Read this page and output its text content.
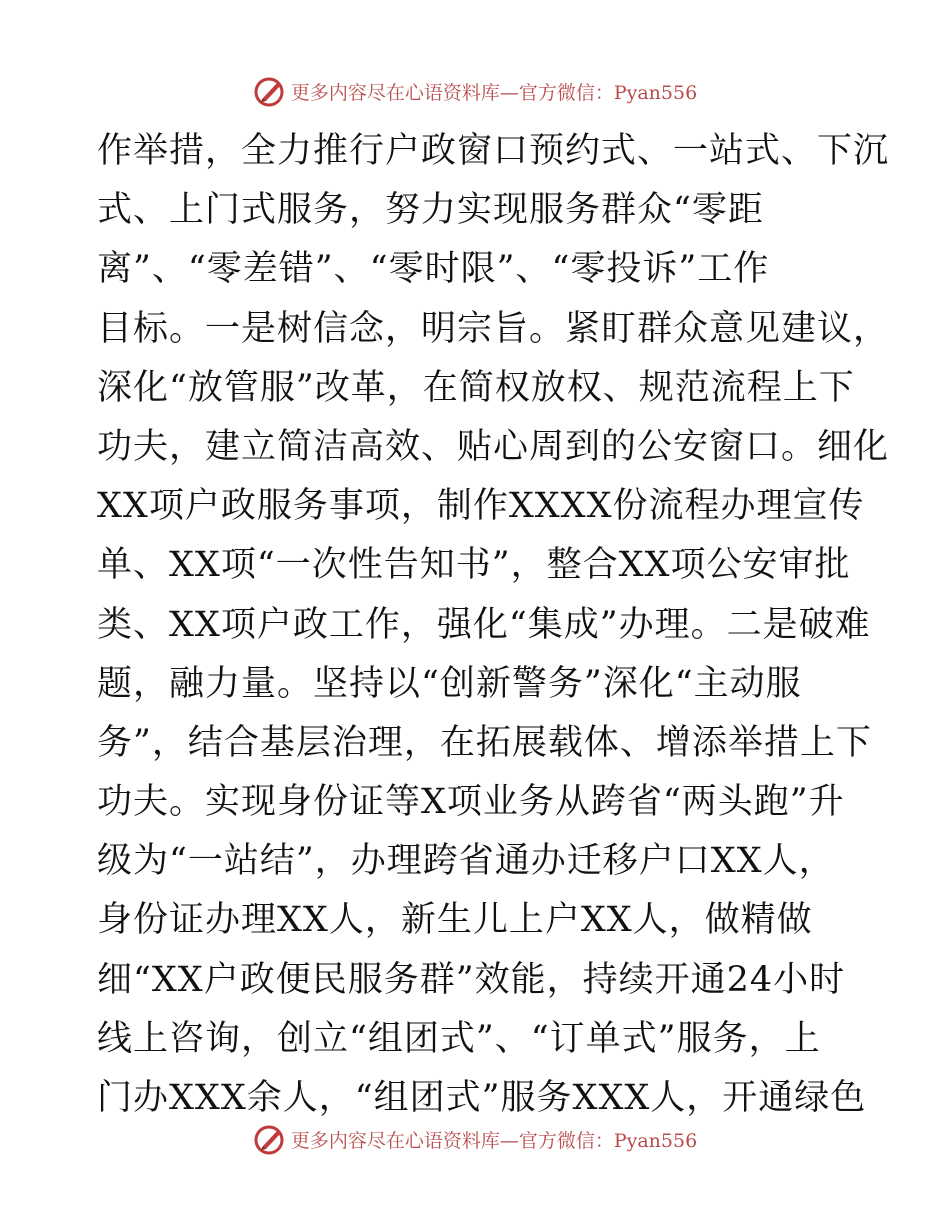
更多内容尽在心语资料库—官方微信：Pyan556
作举措，全力推行户政窗口预约式、一站式、下沉
式、上门式服务，努力实现服务群众“零距
离”、“零差错”、“零时限”、“零投诉”工作
目标。一是树信念，明宗旨。紧盯群众意见建议，
深化“放管服”改革，在简权放权、规范流程上下
功夫，建立简洁高效、贴心周到的公安窗口。细化
XX项户政服务事项，制作XXXX份流程办理宣传
单、XX项“一次性告知书”，整合XX项公安审批
类、XX项户政工作，强化“集成”办理。二是破难
题，融力量。坚持以“创新警务”深化“主动服
务”，结合基层治理，在拓展载体、增添举措上下
功夫。实现身份证等X项业务从跨省“两头跑”升
级为“一站结”，办理跨省通办迁移户口XX人，
身份证办理XX人，新生儿上户XX人，做精做
细“XX户政便民服务群”效能，持续开通24小时
线上咨询，创立“组团式”、“订单式”服务，上
门办XXX余人，“组团式”服务XXX人，开通绿色
更多内容尽在心语资料库—官方微信：Pyan556
